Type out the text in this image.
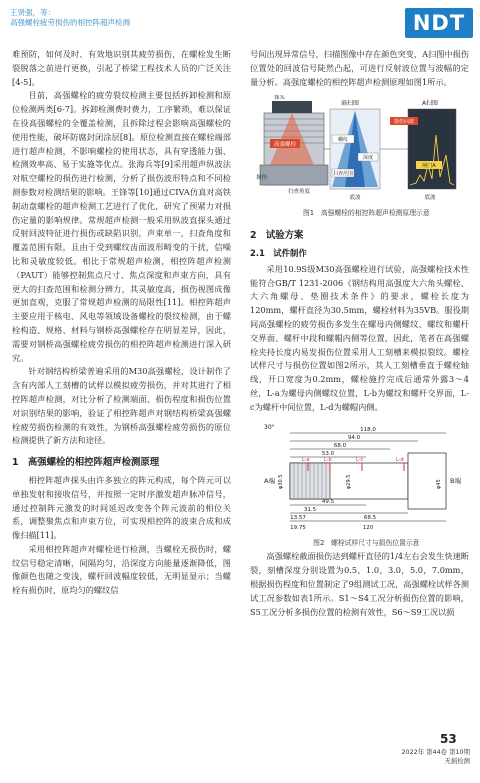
王贤强，等：
高强螺栓疲劳损伤的相控阵超声检测	NDT

难预防，如何及时、有效地识别其疲劳损伤，在螺栓发生断裂脱落之前进行更换，引起了桥梁工程技术人员的广泛关注[4-5]。

目前，高强螺栓的疲劳裂纹检测主要包括拆卸检测和原位检测两类[6-7]。拆卸检测费时费力，工序繁琐，难以保证在役高强螺栓的全覆盖检测，且拆除过程会影响高强螺栓的使用性能，破坏防腐封闭涂层[8]。原位检测直接在螺栓端部进行超声检测，不影响螺栓的使用状态，具有穿透能力强、检测效率高、易于实施等优点。张海兵等[9]采用超声纵波法对航空螺栓的损伤进行检测，分析了损伤波形特点和不同检测参数对检测结果的影响。王锋等[10]通过CIVA仿真对高铁制动盘螺栓的超声检测工艺进行了优化，研究了预紧力对损伤定量的影响规律。常规超声检测一般采用纵波直探头通过反射回波特征进行损伤或缺陷识别，声束单一，扫查角度和覆盖范围有限，且由于受到螺纹齿面波形畸变的干扰，信噪比和灵敏度较低。相比于常规超声检测，相控阵超声检测（PAUT）能够控制焦点尺寸、焦点深度和声束方向，具有更大的扫查范围和检测分辨力，其灵敏度高，损伤视图成像更加直观，克服了常规超声检测的局限性[11]。相控阵超声主要应用于核电、风电等领域设备螺栓的裂纹检测，由于螺栓构造、规格、材料与钢桥高强螺栓存在明显差异，因此，需要对钢桥高强螺栓疲劳损伤的相控阵超声检测进行深入研究。

针对钢结构桥梁普遍采用的M30高强螺栓，设计制作了含有内部人工刻槽的试样以模拟疲劳损伤，并对其进行了相控阵超声检测，对比分析了检测端面、损伤程度和损伤位置对识别结果的影响，验证了相控阵超声对钢结构桥梁高强螺栓疲劳损伤检测的有效性，为钢桥高强螺栓疲劳损伤的原位检测提供了新方法和途径。

1　高强螺栓的相控阵超声检测原理

相控阵超声探头由许多独立的阵元构成，每个阵元可以单独发射和接收信号，并按照一定时序激发超声脉冲信号，通过控制阵元激发的时间延迟改变各个阵元波前的相位关系，调整聚焦点和声束方位，可实现相控阵的波束合成和成像扫描[11]。

采用相控阵超声对螺栓进行检测，当螺栓无损伤时，螺纹信号稳定清晰，间隔均匀，沿深度方向能量逐渐降低，图像颜色也随之变浅，螺杆回波幅度较低，无明显显示；当螺栓有损伤时，原均匀的螺纹信

号间出现异常信号，扫描图像中存在颜色突变，A扫图中损伤位置处的回波信号陡然凸起，可进行反射波位置与波幅的定量分析。高强度螺栓的相控阵超声检测原理如图1所示。

高强螺栓
损伤
扫查角度
探头
扇扫图
螺纹
深度
扫查范围
底波
A扫图
损伤回波
闸门A
底波

图1　高强螺栓的相控阵超声检测原理示意

2　试验方案
2.1　试件制作

采用10.9S级M30高强螺栓进行试验，高强螺栓技术性能符合GB/T 1231-2006《钢结构用高强度大六角头螺栓、大六角螺母、垫圈技术条件》的要求，螺栓长度为120mm，螺杆直径为30.5mm，螺栓材料为35VB。服役期间高强螺栓的疲劳损伤多发生在螺母内侧螺纹、螺纹和螺杆交界面、螺杆中段和螺帽内侧等位置，因此，笔者在高强螺栓夹持长度内易发损伤位置采用人工刻槽来模拟裂纹。螺栓试样尺寸与损伤位置如图2所示，其人工刻槽垂直于螺栓轴线，开口宽度为0.2mm，螺栓施拧完成后通常外露3～4丝，L-a为螺母内侧螺纹位置，L-b为螺纹和螺杆交界面，L-c为螺杆中间位置，L-d为螺帽内侧。

30°	118.0
94.0
68.0
53.0
L-a	L-b	L-c	L-d
A端	B端
φ30.5	φ29.5	φ45
49.5
31.5
13.57	68.5
19.75	120

图2　螺栓试样尺寸与损伤位置示意

高强螺栓截面损伤达到螺杆直径的1/4左右会发生快速断裂，刻槽深度分别设置为0.5，1.0，3.0，5.0，7.0mm，根据损伤程度和位置制定了9组测试工况，高强螺栓试样各测试工况参数如表1所示。S1～S4工况分析损伤位置的影响，S5工况分析多损伤位置的检测有效性，S6～S9工况以损

53
2022年 第44卷 第10期
无损检测
